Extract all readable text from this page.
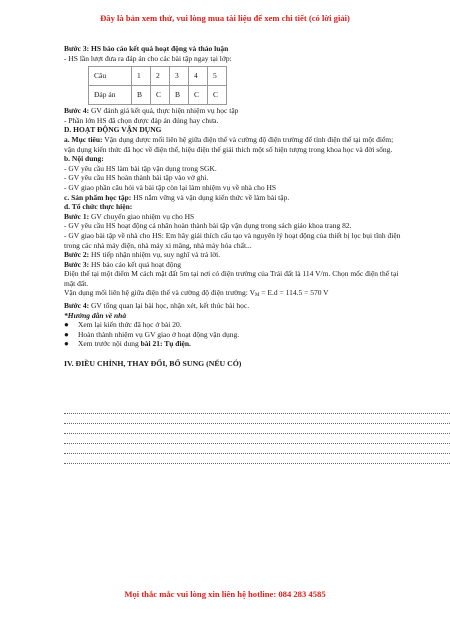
Đây là bản xem thử, vui lòng mua tài liệu để xem chi tiết (có lời giải)
Bước 3: HS báo cáo kết quả hoạt động và thảo luận
- HS lần lượt đưa ra đáp án cho các bài tập ngay tại lớp:
Câu	1	2	3	4	5
Đáp án	B	C	B	C	C
Bước 4: GV đánh giá kết quả, thực hiện nhiệm vụ học tập
- Phần lớn HS đã chọn được đáp án đúng hay chưa.
D. HOẠT ĐỘNG VẬN DỤNG
a. Mục tiêu: Vận dụng được mối liên hệ giữa điện thế và cường độ điện trường để tính điện thế tại một điểm; vận dụng kiến thức đã học về điện thế, hiệu điện thế giải thích một số hiện tượng trong khoa học và đời sống.
b. Nội dung:
- GV yêu cầu HS làm bài tập vận dụng trong SGK.
- GV yêu cầu HS hoàn thành bài tập vào vở ghi.
- GV giao phần câu hỏi và bài tập còn lại làm nhiệm vụ về nhà cho HS
c. Sản phẩm học tập: HS nắm vững và vận dụng kiến thức về làm bài tập.
d. Tổ chức thực hiện:
Bước 1: GV chuyển giao nhiệm vụ cho HS
- GV yêu cầu HS hoạt động cá nhân hoàn thành bài tập vận dụng trong sách giáo khoa trang 82.
- GV giao bài tập về nhà cho HS: Em hãy giải thích cấu tạo và nguyên lý hoạt động của thiết bị lọc bụi tĩnh điện trong các nhà máy điện, nhà máy xi măng, nhà máy hóa chất...
Bước 2: HS tiếp nhận nhiệm vụ, suy nghĩ và trả lời.
Bước 3: HS báo cáo kết quả hoạt động
Điện thế tại một điểm M cách mặt đất 5m tại nơi có điện trường của Trái đất là 114 V/m. Chọn mốc điện thế tại mặt đất.
Vận dụng mối liên hệ giữa điện thế và cường độ điện trường: $V_M = E.d = 114.5 = 570$ V
Bước 4: GV tổng quan lại bài học, nhận xét, kết thúc bài học.
*Hướng dẫn về nhà
● Xem lại kiến thức đã học ở bài 20.
● Hoàn thành nhiệm vụ GV giao ở hoạt động vận dụng.
● Xem trước nội dung bài 21: Tụ điện.
IV. ĐIỀU CHỈNH, THAY ĐỔI, BỔ SUNG (NẾU CÓ)
Mọi thắc mắc vui lòng xin liên hệ hotline: 084 283 4585
